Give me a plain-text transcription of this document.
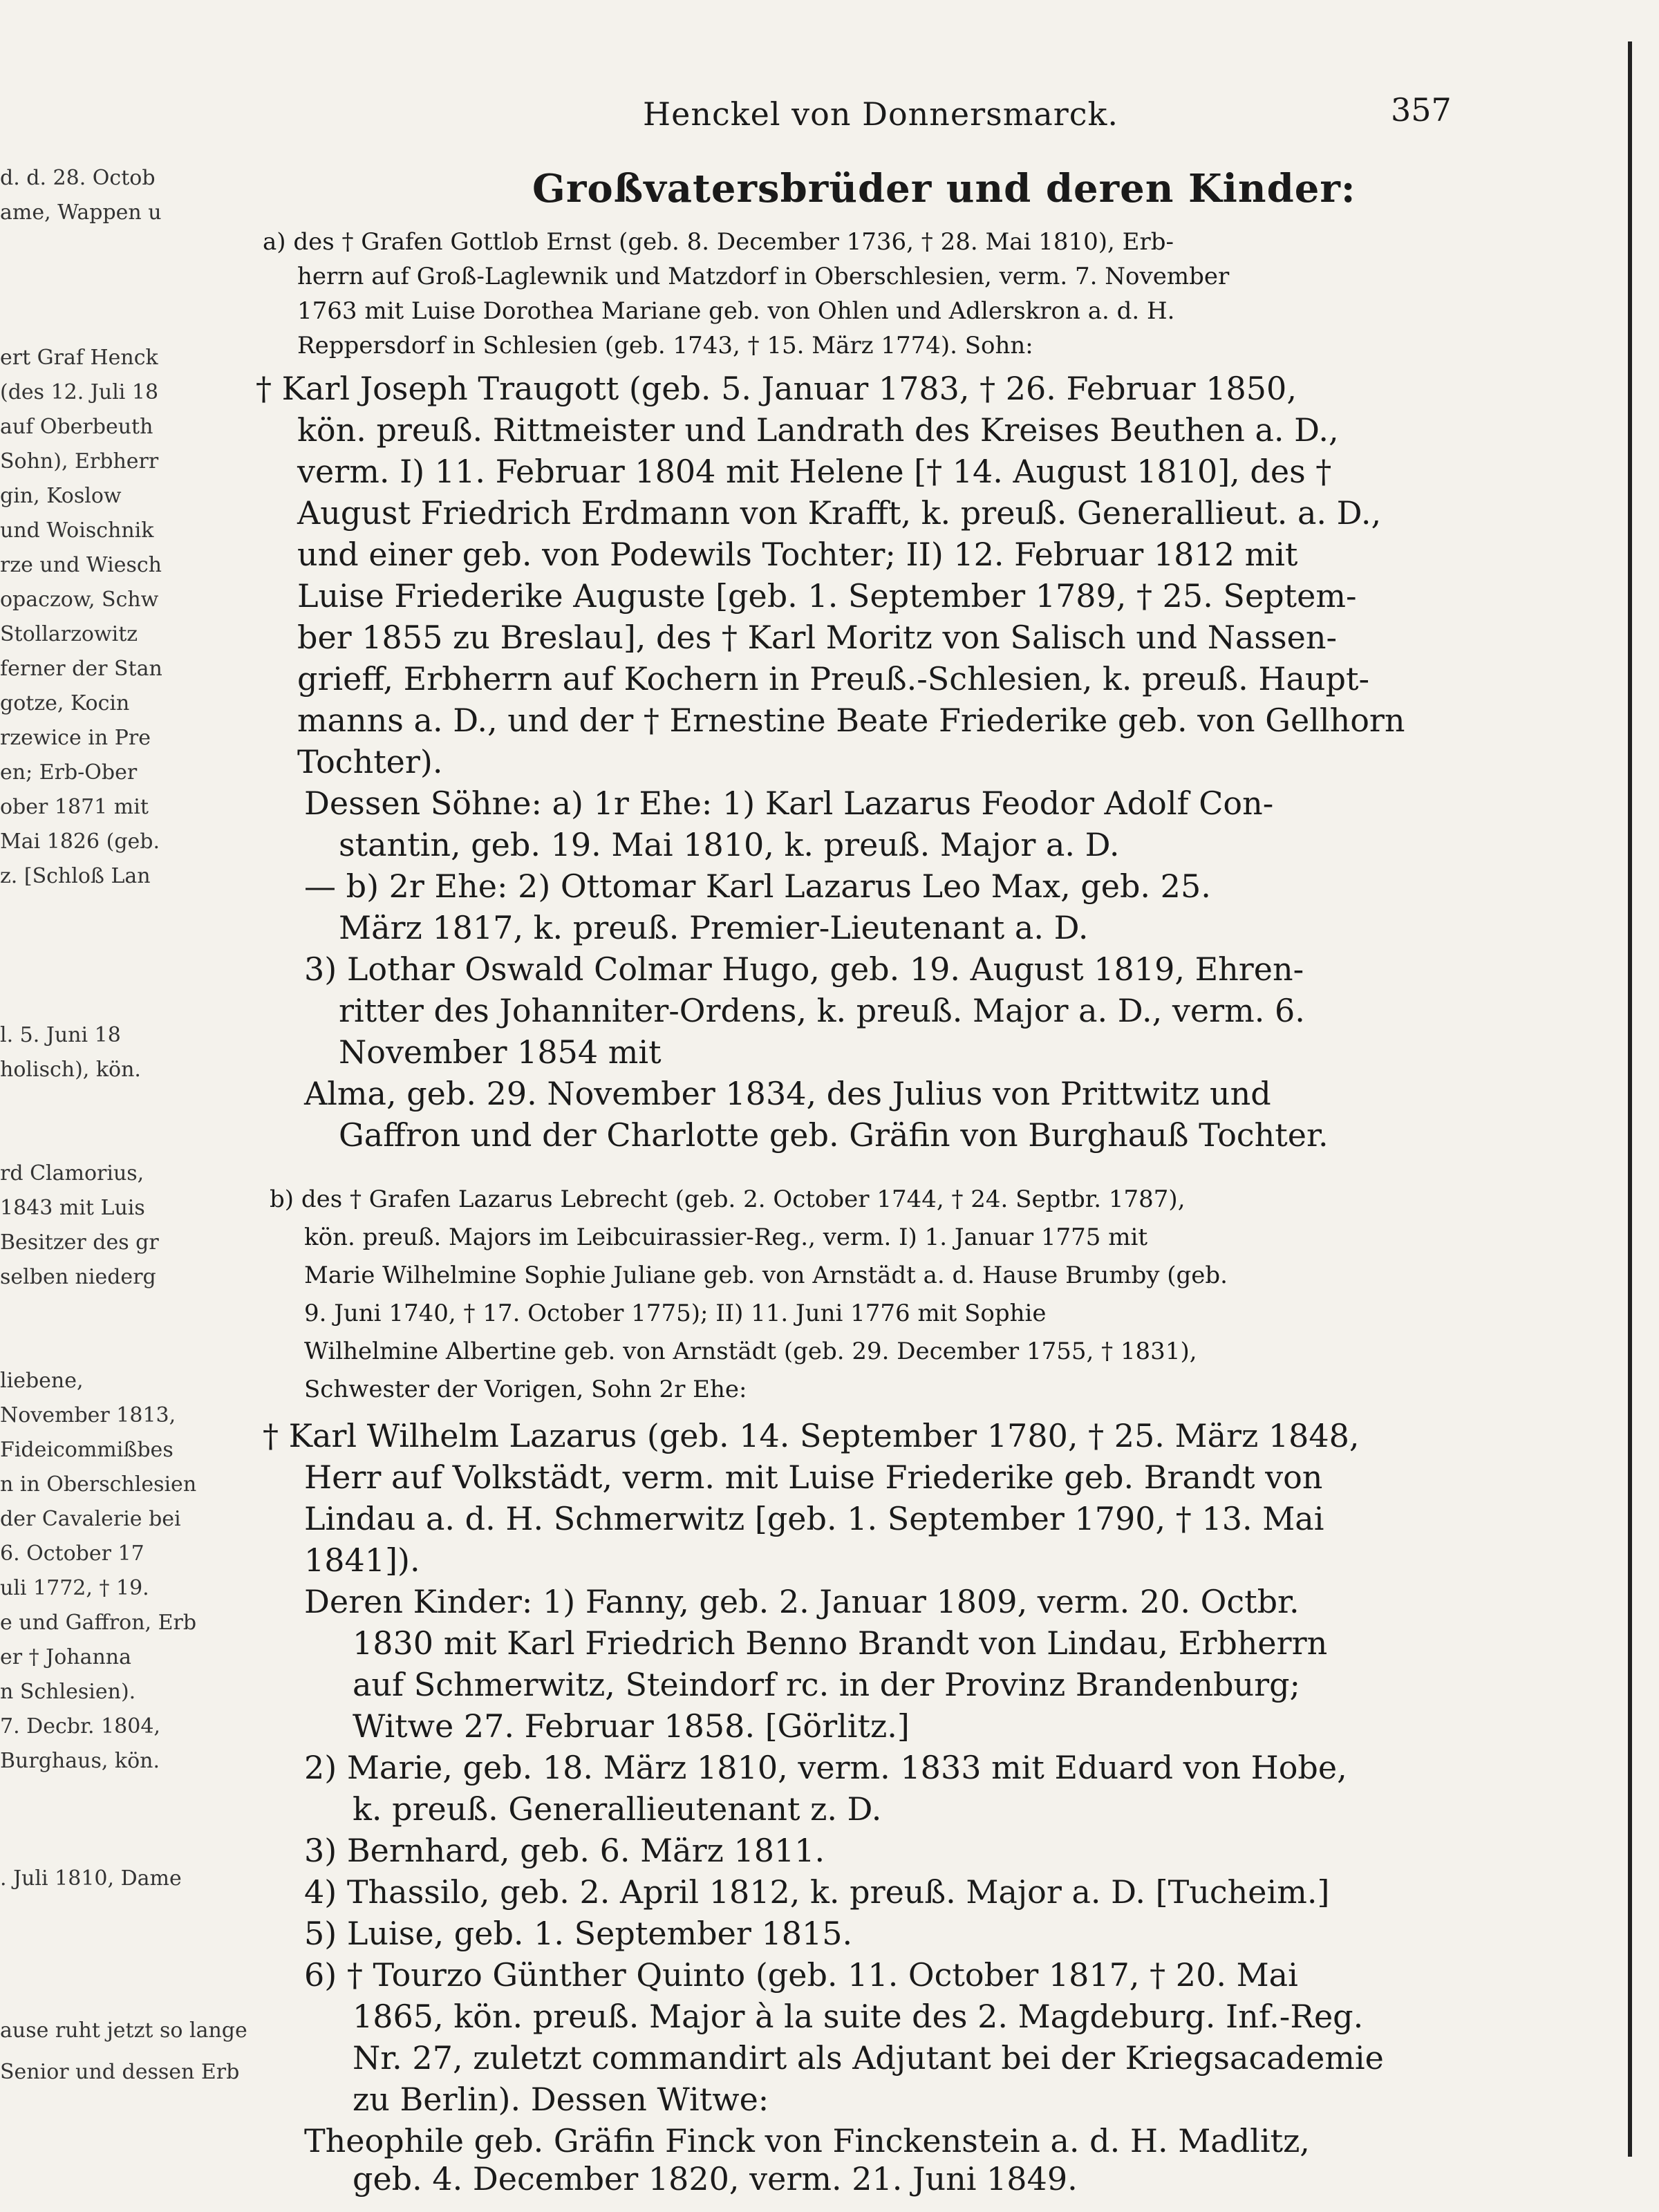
d. d. 28. Octob
ame, Wappen u
ert Graf Henck
(des 12. Juli 18
auf Oberbeuth
Sohn), Erbherr
gin, Koslow
und Woischnik
rze und Wiesch
opaczow, Schw
Stollarzowitz
ferner der Stan
gotze, Kocin
rzewice in Pre
en; Erb-Ober
ober 1871 mit
Mai 1826 (geb.
z. [Schloß Lan
l. 5. Juni 18
holisch), kön.
rd Clamorius,
1843 mit Luis
Besitzer des gr
selben niederg
liebene,
November 1813,
Fideicommißbes
n in Oberschlesien
der Cavalerie bei
6. October 17
uli 1772, † 19.
e und Gaffron, Erb
er † Johanna
n Schlesien).
7. Decbr. 1804,
Burghaus, kön.
. Juli 1810, Dame
ause ruht jetzt so lange
Senior und dessen Erb
Henckel von Donnersmarck.	357
Großvatersbrüder und deren Kinder:
a) des † Grafen Gottlob Ernst (geb. 8. December 1736, † 28. Mai 1810), Erb-
herrn auf Groß-Laglewnik und Matzdorf in Oberschlesien, verm. 7. November
1763 mit Luise Dorothea Mariane geb. von Ohlen und Adlerskron a. d. H.
Reppersdorf in Schlesien (geb. 1743, † 15. März 1774). Sohn:
† Karl Joseph Traugott (geb. 5. Januar 1783, † 26. Februar 1850,
kön. preuß. Rittmeister und Landrath des Kreises Beuthen a. D.,
verm. I) 11. Februar 1804 mit Helene [† 14. August 1810], des †
August Friedrich Erdmann von Krafft, k. preuß. Generallieut. a. D.,
und einer geb. von Podewils Tochter; II) 12. Februar 1812 mit
Luise Friederike Auguste [geb. 1. September 1789, † 25. Septem-
ber 1855 zu Breslau], des † Karl Moritz von Salisch und Nassen-
grieff, Erbherrn auf Kochern in Preuß.-Schlesien, k. preuß. Haupt-
manns a. D., und der † Ernestine Beate Friederike geb. von Gellhorn
Tochter).
Dessen Söhne: a) 1r Ehe: 1) Karl Lazarus Feodor Adolf Con-
stantin, geb. 19. Mai 1810, k. preuß. Major a. D.
— b) 2r Ehe: 2) Ottomar Karl Lazarus Leo Max, geb. 25.
März 1817, k. preuß. Premier-Lieutenant a. D.
3) Lothar Oswald Colmar Hugo, geb. 19. August 1819, Ehren-
ritter des Johanniter-Ordens, k. preuß. Major a. D., verm. 6.
November 1854 mit
Alma, geb. 29. November 1834, des Julius von Prittwitz und
Gaffron und der Charlotte geb. Gräfin von Burghauß Tochter.
b) des † Grafen Lazarus Lebrecht (geb. 2. October 1744, † 24. Septbr. 1787),
kön. preuß. Majors im Leibcuirassier-Reg., verm. I) 1. Januar 1775 mit
Marie Wilhelmine Sophie Juliane geb. von Arnstädt a. d. Hause Brumby (geb.
9. Juni 1740, † 17. October 1775); II) 11. Juni 1776 mit Sophie
Wilhelmine Albertine geb. von Arnstädt (geb. 29. December 1755, † 1831),
Schwester der Vorigen, Sohn 2r Ehe:
† Karl Wilhelm Lazarus (geb. 14. September 1780, † 25. März 1848,
Herr auf Volkstädt, verm. mit Luise Friederike geb. Brandt von
Lindau a. d. H. Schmerwitz [geb. 1. September 1790, † 13. Mai
1841]).
Deren Kinder: 1) Fanny, geb. 2. Januar 1809, verm. 20. Octbr.
1830 mit Karl Friedrich Benno Brandt von Lindau, Erbherrn
auf Schmerwitz, Steindorf rc. in der Provinz Brandenburg;
Witwe 27. Februar 1858. [Görlitz.]
2) Marie, geb. 18. März 1810, verm. 1833 mit Eduard von Hobe,
k. preuß. Generallieutenant z. D.
3) Bernhard, geb. 6. März 1811.
4) Thassilo, geb. 2. April 1812, k. preuß. Major a. D. [Tucheim.]
5) Luise, geb. 1. September 1815.
6) † Tourzo Günther Quinto (geb. 11. October 1817, † 20. Mai
1865, kön. preuß. Major à la suite des 2. Magdeburg. Inf.-Reg.
Nr. 27, zuletzt commandirt als Adjutant bei der Kriegsacademie
zu Berlin). Dessen Witwe:
Theophile geb. Gräfin Finck von Finckenstein a. d. H. Madlitz,
geb. 4. December 1820, verm. 21. Juni 1849.
